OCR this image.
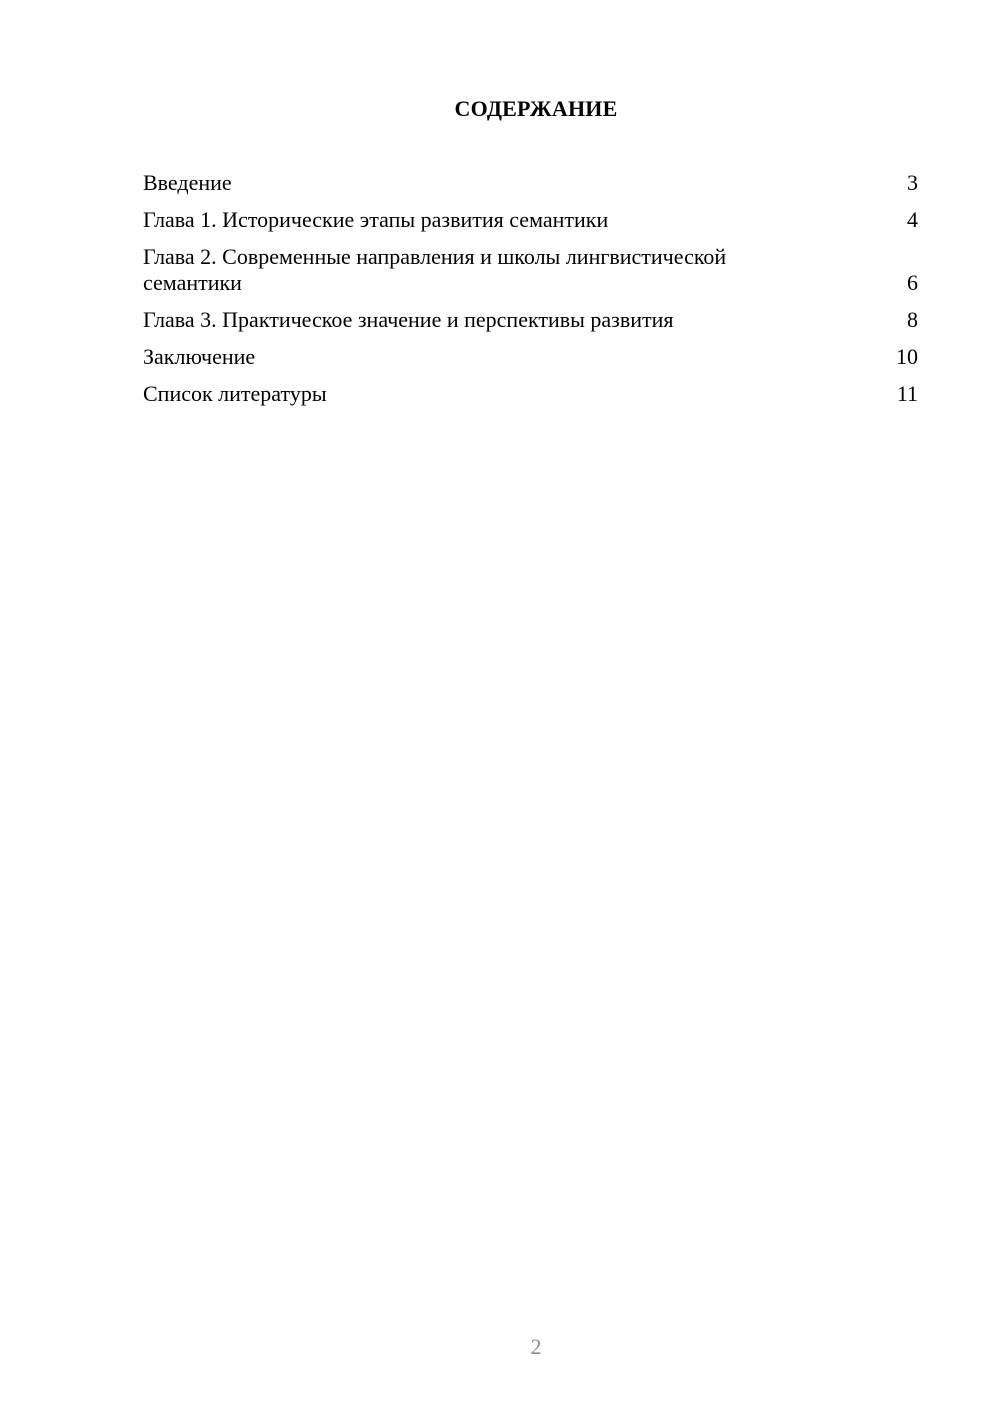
СОДЕРЖАНИЕ
Введение	3
Глава 1. Исторические этапы развития семантики	4
Глава 2. Современные направления и школы лингвистической семантики	6
Глава 3. Практическое значение и перспективы развития	8
Заключение	10
Список литературы	11
2
